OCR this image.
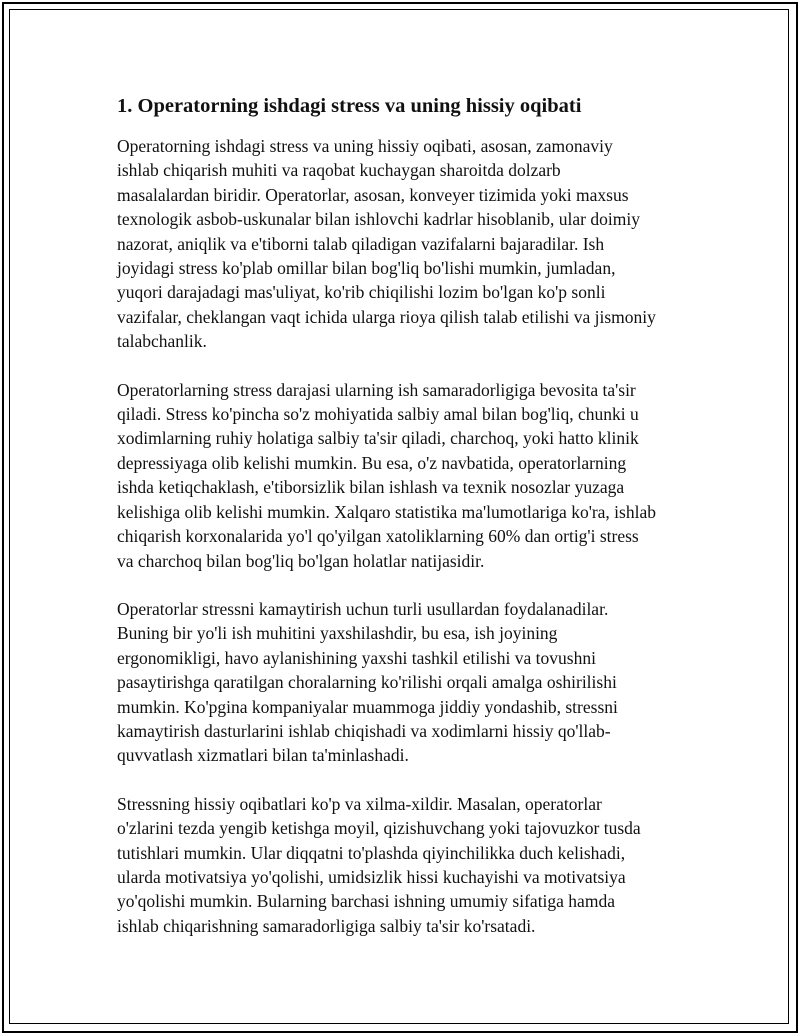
1. Operatorning ishdagi stress va uning hissiy oqibati

Operatorning ishdagi stress va uning hissiy oqibati, asosan, zamonaviy
ishlab chiqarish muhiti va raqobat kuchaygan sharoitda dolzarb
masalalardan biridir. Operatorlar, asosan, konveyer tizimida yoki maxsus
texnologik asbob-uskunalar bilan ishlovchi kadrlar hisoblanib, ular doimiy
nazorat, aniqlik va e'tiborni talab qiladigan vazifalarni bajaradilar. Ish
joyidagi stress ko'plab omillar bilan bog'liq bo'lishi mumkin, jumladan,
yuqori darajadagi mas'uliyat, ko'rib chiqilishi lozim bo'lgan ko'p sonli
vazifalar, cheklangan vaqt ichida ularga rioya qilish talab etilishi va jismoniy
talabchanlik.

Operatorlarning stress darajasi ularning ish samaradorligiga bevosita ta'sir
qiladi. Stress ko'pincha so'z mohiyatida salbiy amal bilan bog'liq, chunki u
xodimlarning ruhiy holatiga salbiy ta'sir qiladi, charchoq, yoki hatto klinik
depressiyaga olib kelishi mumkin. Bu esa, o'z navbatida, operatorlarning
ishda ketiqchaklash, e'tiborsizlik bilan ishlash va texnik nosozlar yuzaga
kelishiga olib kelishi mumkin. Xalqaro statistika ma'lumotlariga ko'ra, ishlab
chiqarish korxonalarida yo'l qo'yilgan xatoliklarning 60% dan ortig'i stress
va charchoq bilan bog'liq bo'lgan holatlar natijasidir.

Operatorlar stressni kamaytirish uchun turli usullardan foydalanadilar.
Buning bir yo'li ish muhitini yaxshilashdir, bu esa, ish joyining
ergonomikligi, havo aylanishining yaxshi tashkil etilishi va tovushni
pasaytirishga qaratilgan choralarning ko'rilishi orqali amalga oshirilishi
mumkin. Ko'pgina kompaniyalar muammoga jiddiy yondashib, stressni
kamaytirish dasturlarini ishlab chiqishadi va xodimlarni hissiy qo'llab-
quvvatlash xizmatlari bilan ta'minlashadi.

Stressning hissiy oqibatlari ko'p va xilma-xildir. Masalan, operatorlar
o'zlarini tezda yengib ketishga moyil, qizishuvchang yoki tajovuzkor tusda
tutishlari mumkin. Ular diqqatni to'plashda qiyinchilikka duch kelishadi,
ularda motivatsiya yo'qolishi, umidsizlik hissi kuchayishi va motivatsiya
yo'qolishi mumkin. Bularning barchasi ishning umumiy sifatiga hamda
ishlab chiqarishning samaradorligiga salbiy ta'sir ko'rsatadi.
